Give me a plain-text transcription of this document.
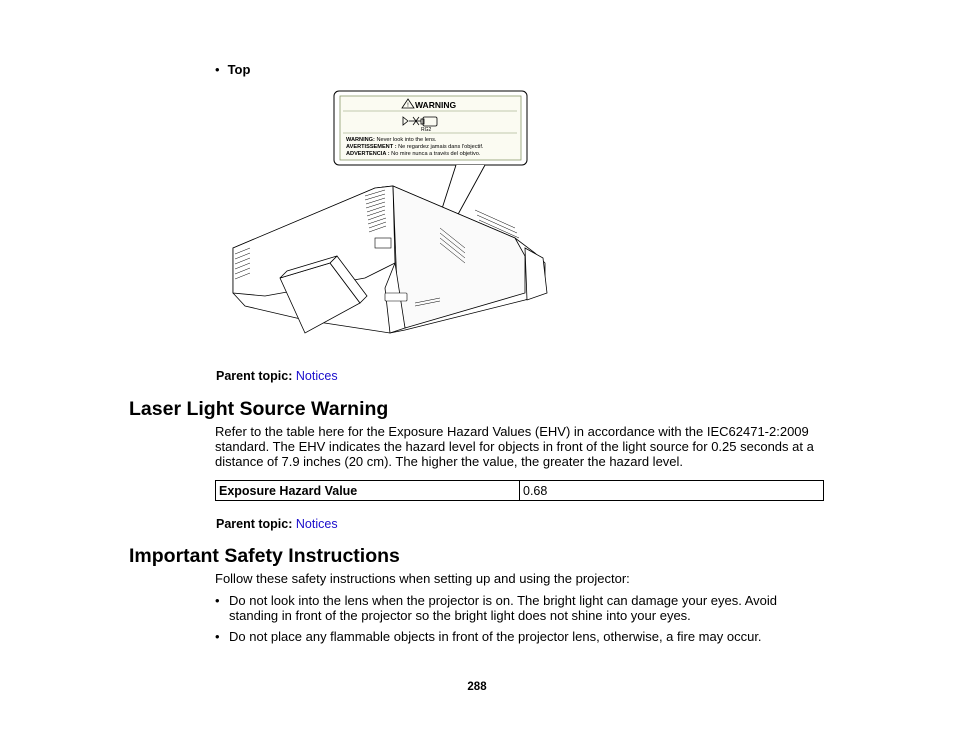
• Top
! WARNING
RG2
WARNING: Never look into the lens.
AVERTISSEMENT : Ne regardez jamais dans l'objectif.
ADVERTENCIA : No mire nunca a través del objetivo.
Parent topic: Notices
Laser Light Source Warning
Refer to the table here for the Exposure Hazard Values (EHV) in accordance with the IEC62471-2:2009 standard. The EHV indicates the hazard level for objects in front of the light source for 0.25 seconds at a distance of 7.9 inches (20 cm). The higher the value, the greater the hazard level.
Exposure Hazard Value	0.68
Parent topic: Notices
Important Safety Instructions
Follow these safety instructions when setting up and using the projector:
• Do not look into the lens when the projector is on. The bright light can damage your eyes. Avoid standing in front of the projector so the bright light does not shine into your eyes.
• Do not place any flammable objects in front of the projector lens, otherwise, a fire may occur.
288
